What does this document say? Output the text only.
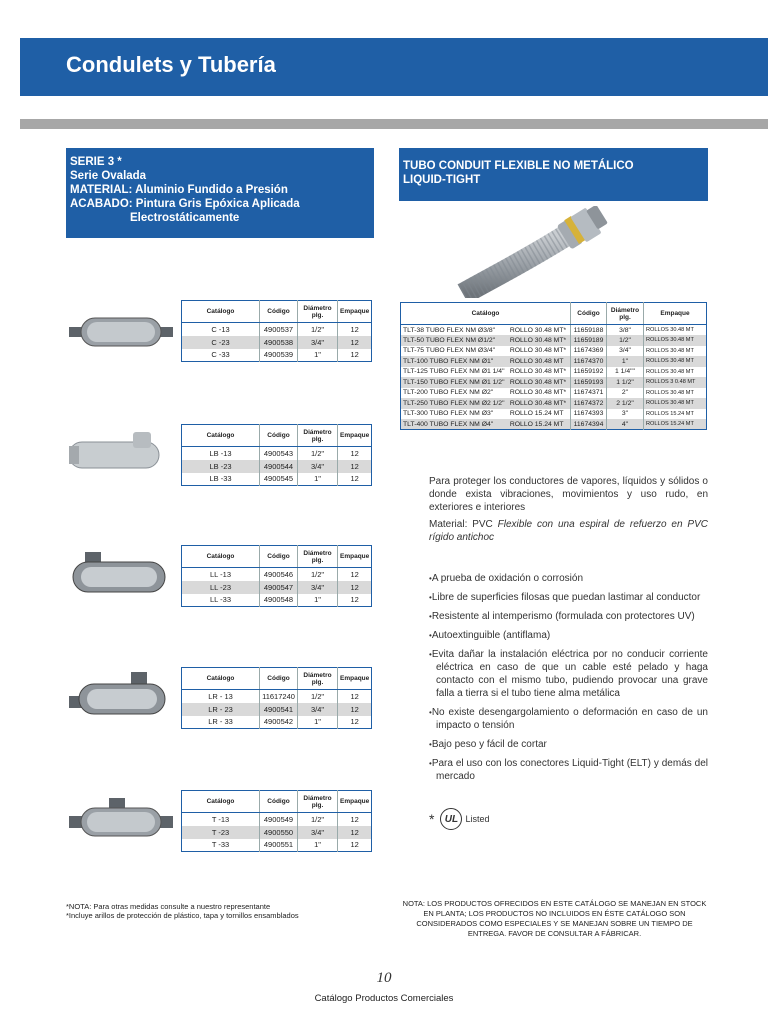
Condulets y Tubería
SERIE 3 *
Serie Ovalada
MATERIAL: Aluminio Fundido a Presión
ACABADO: Pintura Gris Epóxica Aplicada
Electrostáticamente
TUBO CONDUIT FLEXIBLE NO METÁLICO
LIQUID-TIGHT
Catálogo	Código	Diámetro
plg.	Empaque
C -13	4900537	1/2"	12
C -23	4900538	3/4"	12
C -33	4900539	1"	12
Catálogo	Código	Diámetro
plg.	Empaque
LB -13	4900543	1/2"	12
LB -23	4900544	3/4"	12
LB -33	4900545	1"	12
Catálogo	Código	Diámetro
plg.	Empaque
LL -13	4900546	1/2"	12
LL -23	4900547	3/4"	12
LL -33	4900548	1"	12
Catálogo	Código	Diámetro
plg.	Empaque
LR - 13	11617240	1/2"	12
LR - 23	4900541	3/4"	12
LR - 33	4900542	1"	12
Catálogo	Código	Diámetro
plg.	Empaque
T -13	4900549	1/2"	12
T -23	4900550	3/4"	12
T -33	4900551	1"	12
Catálogo		Código	Diámetro
plg.	Empaque
TLT-38 TUBO FLEX NM Ø3/8"	ROLLO 30.48 MT*	11659188	3/8"	ROLLOS 30.48 MT
TLT-50 TUBO FLEX NM Ø1/2"	ROLLO 30.48 MT*	11659189	1/2"	ROLLOS 30.48 MT
TLT-75 TUBO FLEX NM Ø3/4"	ROLLO 30.48 MT*	11674369	3/4"	ROLLOS 30.48 MT
TLT-100 TUBO FLEX NM Ø1"	ROLLO 30.48 MT	11674370	1"	ROLLOS 30.48 MT
TLT-125 TUBO FLEX NM Ø1 1/4"	ROLLO 30.48 MT*	11659192	1 1/4""	ROLLOS 30.48 MT
TLT-150 TUBO FLEX NM Ø1 1/2"	ROLLO 30.48 MT*	11659193	1 1/2"	ROLLOS 3 0.48 MT
TLT-200 TUBO FLEX NM Ø2"	ROLLO 30.48 MT*	11674371	2"	ROLLOS 30.48 MT
TLT-250 TUBO FLEX NM Ø2 1/2"	ROLLO 30.48 MT*	11674372	2 1/2"	ROLLOS 30.48 MT
TLT-300 TUBO FLEX NM Ø3"	ROLLO 15.24 MT	11674393	3"	ROLLOS 15.24 MT
TLT-400 TUBO FLEX NM Ø4"	ROLLO 15.24 MT	11674394	4"	ROLLOS 15.24 MT

Para proteger los conductores de vapores, líquidos y sólidos o donde exista vibraciones, movimientos y uso rudo, en exteriores e interiores

Material: PVC Flexible con una espiral de refuerzo en PVC rígido antichoc

• A prueba de oxidación o corrosión
• Libre de superficies filosas que puedan lastimar al conductor
• Resistente al intemperismo (formulada con protectores UV)
• Autoextinguible (antiflama)
• Evita dañar la instalación eléctrica por no conducir corriente eléctrica en caso de que un cable esté pelado y haga contacto con el mismo tubo, pudiendo provocar una grave falla a tierra si el tubo tiene alma metálica
• No existe desengargolamiento o deformación en caso de un impacto o tensión
• Bajo peso y fácil de cortar
• Para el uso con los conectores Liquid-Tight (ELT) y demás del mercado
*	UL Listed
*NOTA: Para otras medidas consulte a nuestro representante
*Incluye arillos de protección de plástico, tapa y tornillos ensamblados
NOTA: LOS PRODUCTOS OFRECIDOS EN ESTE CATÁLOGO SE MANEJAN EN STOCK EN PLANTA; LOS PRODUCTOS NO INCLUIDOS EN ÉSTE CATÁLOGO SON CONSIDERADOS COMO ESPECIALES Y SE MANEJAN SOBRE UN TIEMPO DE ENTREGA. FAVOR DE CONSULTAR A FÁBRICAR.
10
Catálogo Productos Comerciales
